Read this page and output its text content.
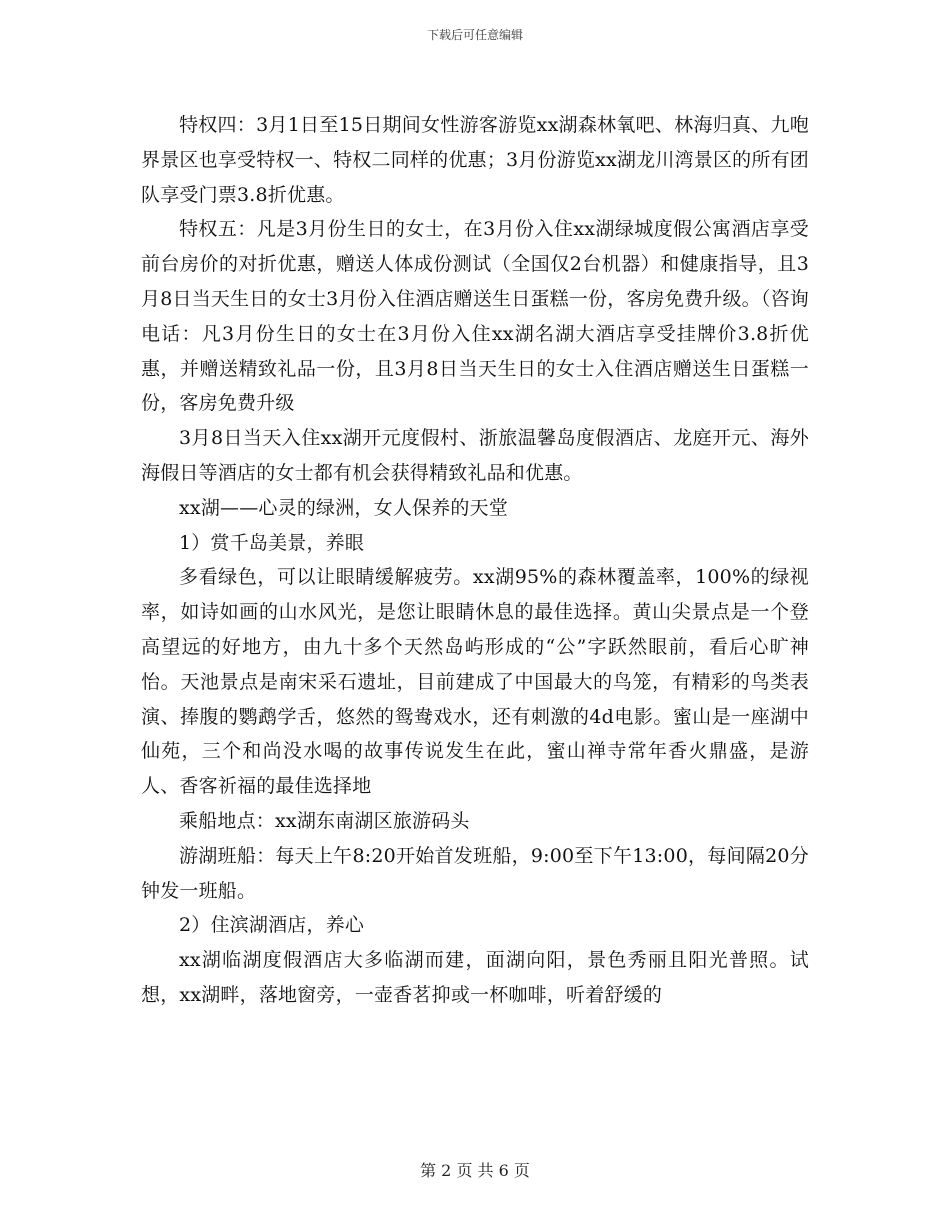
下载后可任意编辑

特权四：3月1日至15日期间女性游客游览xx湖森林氧吧、林海归真、九咆界景区也享受特权一、特权二同样的优惠；3月份游览xx湖龙川湾景区的所有团队享受门票3.8折优惠。

特权五：凡是3月份生日的女士，在3月份入住xx湖绿城度假公寓酒店享受前台房价的对折优惠，赠送人体成份测试（全国仅2台机器）和健康指导，且3月8日当天生日的女士3月份入住酒店赠送生日蛋糕一份，客房免费升级。（咨询电话：凡3月份生日的女士在3月份入住xx湖名湖大酒店享受挂牌价3.8折优惠，并赠送精致礼品一份，且3月8日当天生日的女士入住酒店赠送生日蛋糕一份，客房免费升级

3月8日当天入住xx湖开元度假村、浙旅温馨岛度假酒店、龙庭开元、海外海假日等酒店的女士都有机会获得精致礼品和优惠。

xx湖——心灵的绿洲，女人保养的天堂

1）赏千岛美景，养眼

多看绿色，可以让眼睛缓解疲劳。xx湖95%的森林覆盖率，100%的绿视率，如诗如画的山水风光，是您让眼睛休息的最佳选择。黄山尖景点是一个登高望远的好地方，由九十多个天然岛屿形成的“公”字跃然眼前，看后心旷神怡。天池景点是南宋采石遗址，目前建成了中国最大的鸟笼，有精彩的鸟类表演、捧腹的鹦鹉学舌，悠然的鸳鸯戏水，还有刺激的4d电影。蜜山是一座湖中仙苑，三个和尚没水喝的故事传说发生在此，蜜山禅寺常年香火鼎盛，是游人、香客祈福的最佳选择地

乘船地点：xx湖东南湖区旅游码头

游湖班船：每天上午8:20开始首发班船，9:00至下午13:00，每间隔20分钟发一班船。

2）住滨湖酒店，养心

xx湖临湖度假酒店大多临湖而建，面湖向阳，景色秀丽且阳光普照。试想，xx湖畔，落地窗旁，一壶香茗抑或一杯咖啡，听着舒缓的

第 2 页 共 6 页
